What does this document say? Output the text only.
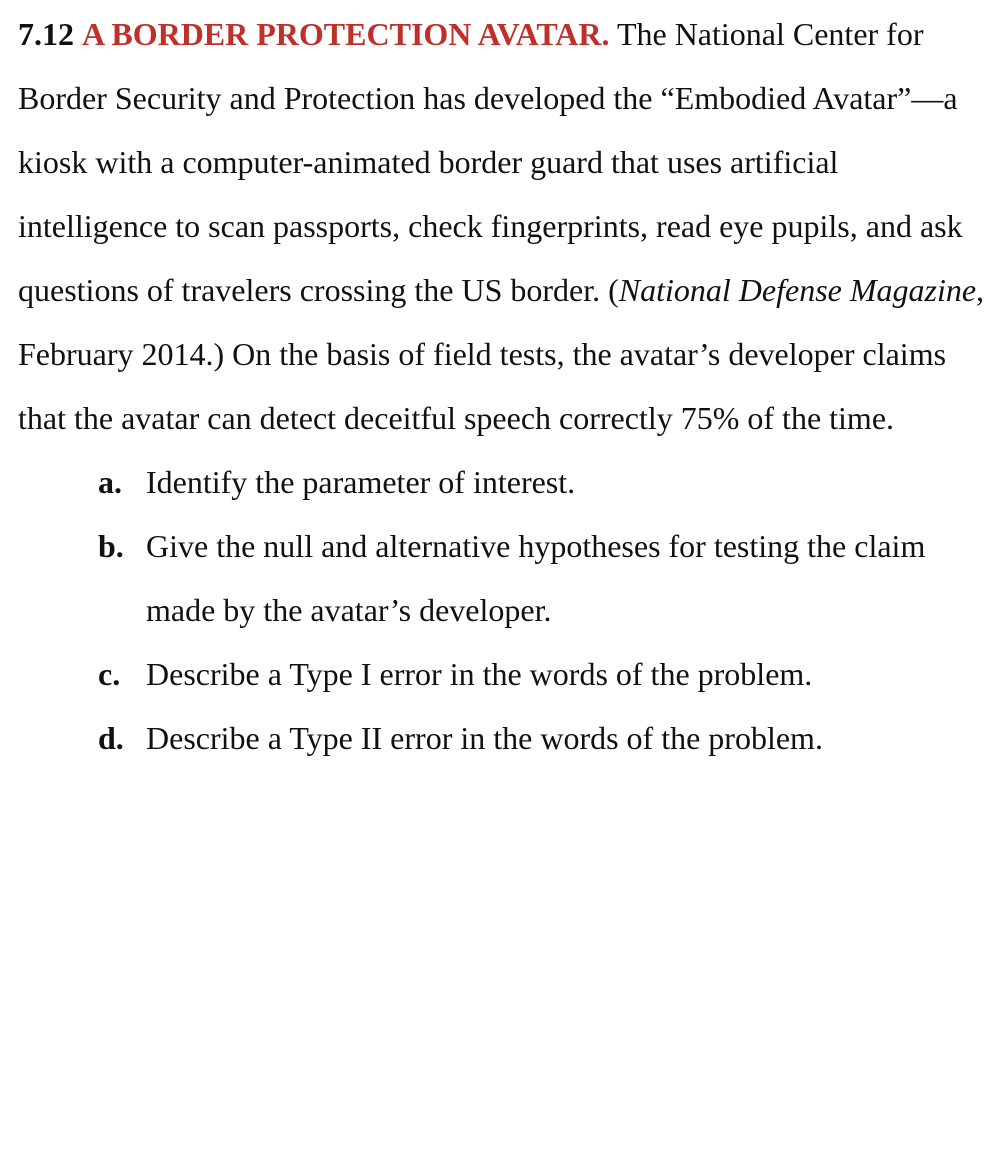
7.12 A BORDER PROTECTION AVATAR. The National Center for Border Security and Protection has developed the “Embodied Avatar”—a kiosk with a computer-animated border guard that uses artificial intelligence to scan passports, check fingerprints, read eye pupils, and ask questions of travelers crossing the US border. (National Defense Magazine, February 2014.) On the basis of field tests, the avatar’s developer claims that the avatar can detect deceitful speech correctly 75% of the time.

a. Identify the parameter of interest.
b. Give the null and alternative hypotheses for testing the claim made by the avatar’s developer.
c. Describe a Type I error in the words of the problem.
d. Describe a Type II error in the words of the problem.
